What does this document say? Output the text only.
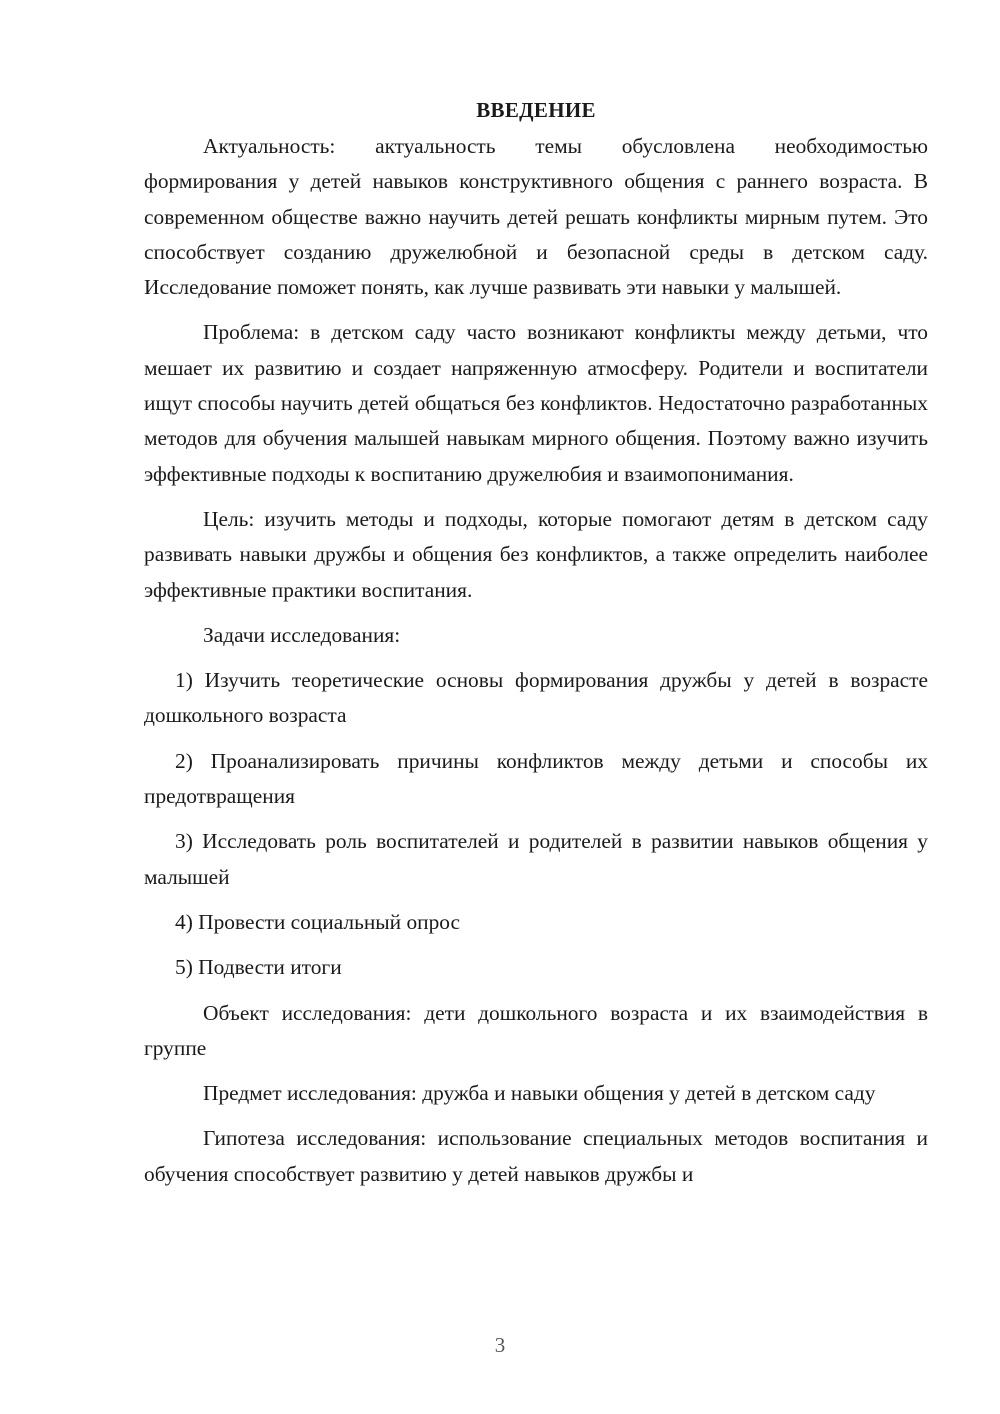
ВВЕДЕНИЕ

Актуальность: актуальность темы обусловлена необходимостью формирования у детей навыков конструктивного общения с раннего возраста. В современном обществе важно научить детей решать конфликты мирным путем. Это способствует созданию дружелюбной и безопасной среды в детском саду. Исследование поможет понять, как лучше развивать эти навыки у малышей.

Проблема: в детском саду часто возникают конфликты между детьми, что мешает их развитию и создает напряженную атмосферу. Родители и воспитатели ищут способы научить детей общаться без конфликтов. Недостаточно разработанных методов для обучения малышей навыкам мирного общения. Поэтому важно изучить эффективные подходы к воспитанию дружелюбия и взаимопонимания.

Цель: изучить методы и подходы, которые помогают детям в детском саду развивать навыки дружбы и общения без конфликтов, а также определить наиболее эффективные практики воспитания.

Задачи исследования:

1) Изучить теоретические основы формирования дружбы у детей в возрасте дошкольного возраста

2) Проанализировать причины конфликтов между детьми и способы их предотвращения

3) Исследовать роль воспитателей и родителей в развитии навыков общения у малышей

4) Провести социальный опрос

5) Подвести итоги

Объект исследования: дети дошкольного возраста и их взаимодействия в группе

Предмет исследования: дружба и навыки общения у детей в детском саду

Гипотеза исследования: использование специальных методов воспитания и обучения способствует развитию у детей навыков дружбы и

3
